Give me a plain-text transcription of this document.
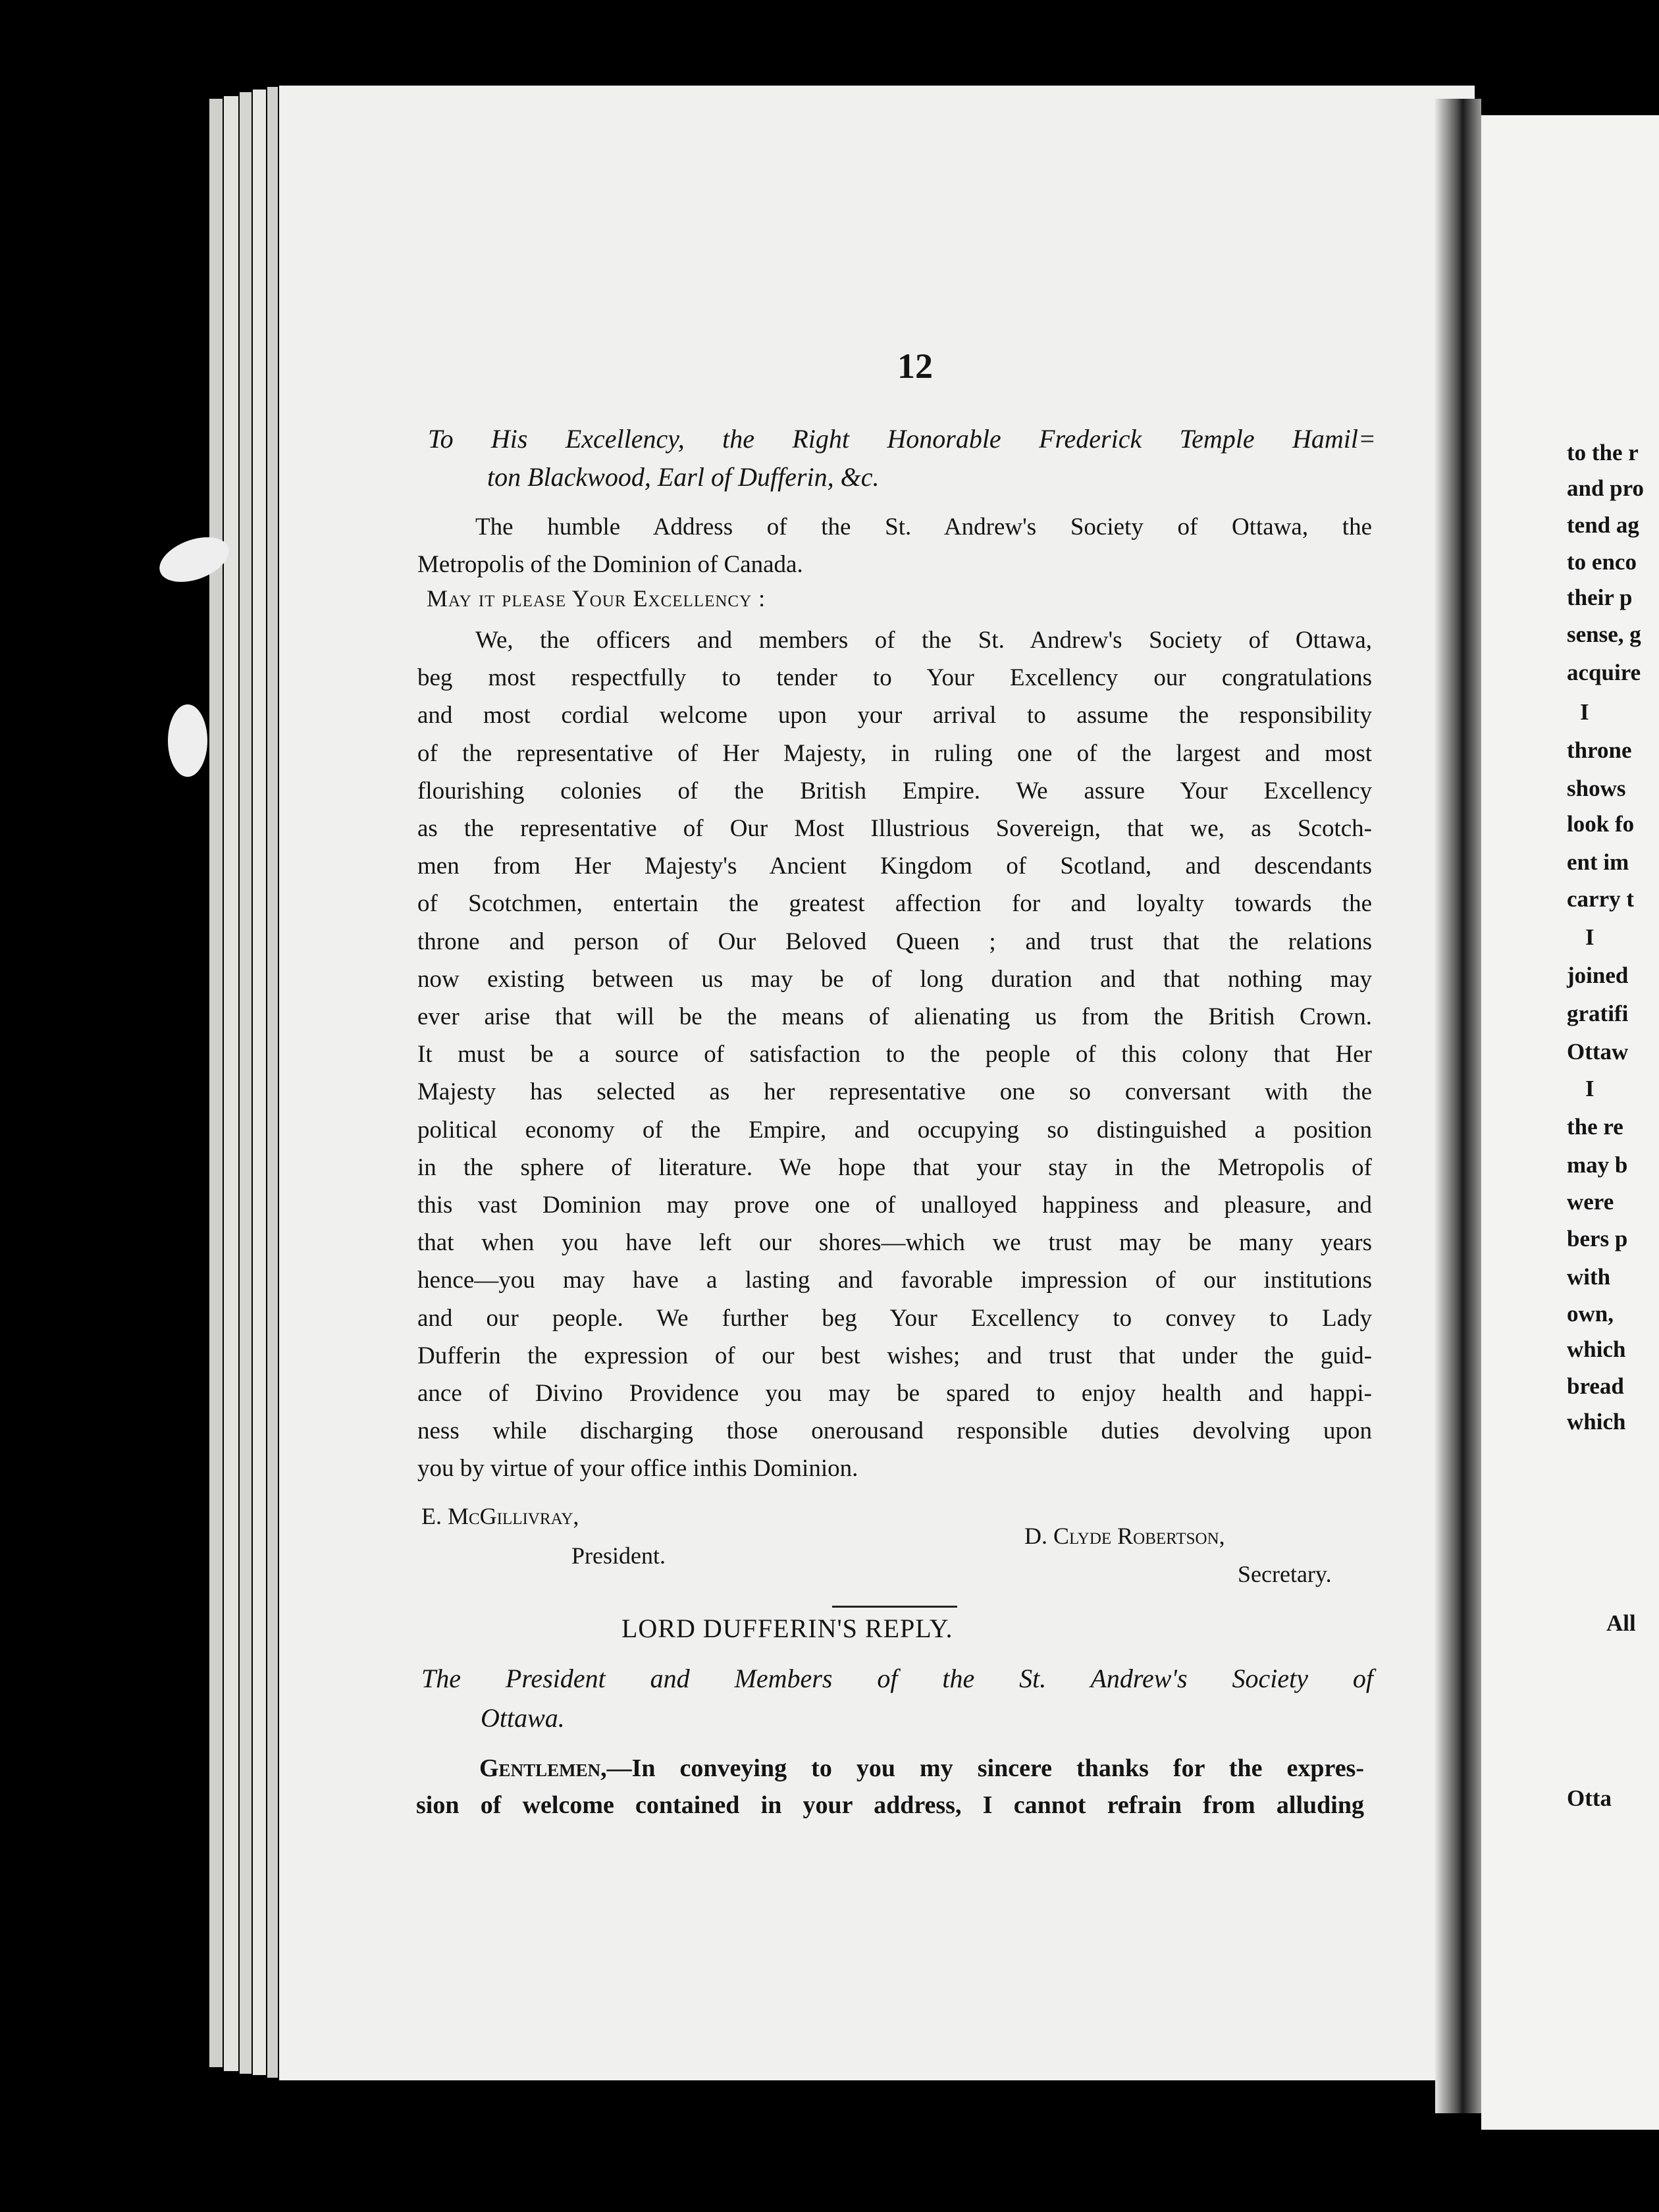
12
To His Excellency, the Right Honorable Frederick Temple Hamil=
ton Blackwood, Earl of Dufferin, &c.
The humble Address of the St. Andrew's Society of Ottawa, the
Metropolis of the Dominion of Canada.
May it please Your Excellency :
We, the officers and members of the St. Andrew's Society of Ottawa,
beg most respectfully to tender to Your Excellency our congratulations
and most cordial welcome upon your arrival to assume the responsibility
of the representative of Her Majesty, in ruling one of the largest and most
flourishing colonies of the British Empire. We assure Your Excellency
as the representative of Our Most Illustrious Sovereign, that we, as Scotch-
men from Her Majesty's Ancient Kingdom of Scotland, and descendants
of Scotchmen, entertain the greatest affection for and loyalty towards the
throne and person of Our Beloved Queen ; and trust that the relations
now existing between us may be of long duration and that nothing may
ever arise that will be the means of alienating us from the British Crown.
It must be a source of satisfaction to the people of this colony that Her
Majesty has selected as her representative one so conversant with the
political economy of the Empire, and occupying so distinguished a position
in the sphere of literature. We hope that your stay in the Metropolis of
this vast Dominion may prove one of unalloyed happiness and pleasure, and
that when you have left our shores—which we trust may be many years
hence—you may have a lasting and favorable impression of our institutions
and our people. We further beg Your Excellency to convey to Lady
Dufferin the expression of our best wishes; and trust that under the guid-
ance of Divino Providence you may be spared to enjoy health and happi-
ness while discharging those onerousand responsible duties devolving upon
you by virtue of your office inthis Dominion.
E. McGillivray,
President.
D. Clyde Robertson,
Secretary.
LORD DUFFERIN'S REPLY.
The President and Members of the St. Andrew's Society of
Ottawa.
Gentlemen,—In conveying to you my sincere thanks for the expres-
sion of welcome contained in your address, I cannot refrain from alluding
to the r
and pro
tend ag
to enco
their p
sense, g
acquire
I
throne
shows
look fo
ent im
carry t
I
joined
gratifi
Ottaw
I
the re
may b
were
bers p
with
own,
which
bread
which
All
Otta
